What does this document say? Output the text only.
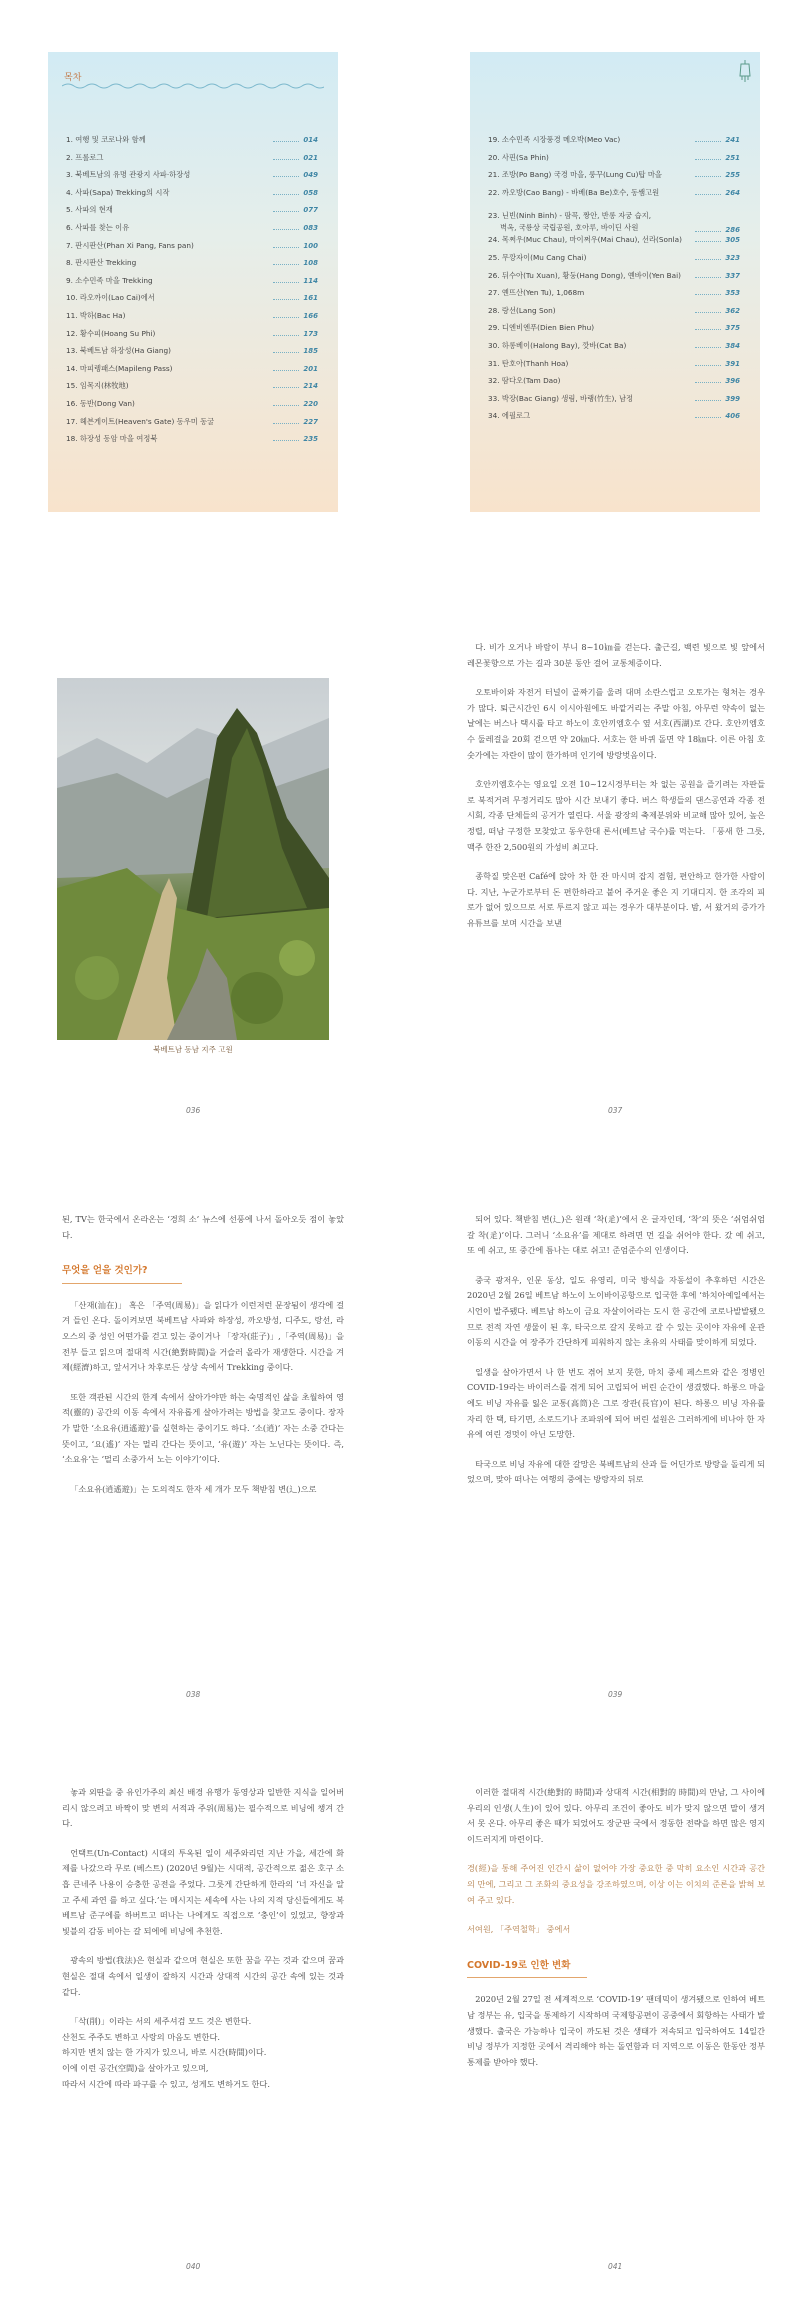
목차
1. 여행 및 코로나와 함께	014
2. 프롤로그	021
3. 북베트남의 유명 관광지 사파·하장성	049
4. 사파(Sapa) Trekking의 시작	058
5. 사파의 현재	077
6. 사파를 찾는 이유	083
7. 판시판산(Phan Xi Pang, Fans pan)	100
8. 판시판산 Trekking	108
9. 소수민족 마을 Trekking	114
10. 라오까이(Lao Cai)에서	161
11. 박하(Bac Ha)	166
12. 황수피(Hoang Su Phi)	173
13. 북베트남 하장성(Ha Giang)	185
14. 마피렝패스(Mapileng Pass)	201
15. 임목지(林牧地)	214
16. 동반(Dong Van)	220
17. 헤븐게이트(Heaven's Gate) 동우미 동굴	227
18. 하장성 동암 마을 여정북	235
19. 소수민족 시장풍경 메오박(Meo Vac)	241
20. 사핀(Sa Phin)	251
21. 조방(Po Bang) 국경 마을, 룽꾸(Lung Cu)탑 마을	255
22. 까오방(Cao Bang) - 바베(Ba Be)호수, 동쌤고원	264
23. 닌빈(Ninh Binh) - 땀꼭, 짱안, 반롱 자궁 습지,
벽옥, 국룡상 국립공원, 호아루, 바이딘 사원	286
24. 목쩌우(Muc Chau), 마이쩌우(Mai Chau), 선라(Sonla)	305
25. 무깡자이(Mu Cang Chai)	323
26. 뒤수아(Tu Xuan), 황둥(Hang Dong), 옌바이(Yen Bai)	337
27. 옌뜨산(Yen Tu), 1,068m	353
28. 랑선(Lang Son)	362
29. 디엔비엔푸(Dien Bien Phu)	375
30. 하롱베이(Halong Bay), 깟바(Cat Ba)	384
31. 탄호아(Thanh Hoa)	391
32. 땀다오(Tam Dao)	396
33. 박장(Bac Giang) 생림, 바랭(竹生), 남정	399
34. 에필로그	406
북베트남 동남 지주 고원
036

다. 비가 오거나 바람이 부니 8~10㎞를 걷는다. 출근길, 백련 빛으로 빛 앞에서 레몬꽃향으로 가는 길과 30분 동안 걸어 교통체증이다.

오토바이와 자전거 터널이 골짜기를 울려 대며 소란스럽고 오토가는 형처는 경우가 많다. 퇴근시간인 6시 이시아원에도 바깥거리는 주말 아침, 아무런 약속이 없는 날에는 버스나 택시를 타고 하노이 호안끼엠호수 옆 서호(西湖)로 간다. 호안끼엠호수 둘레걸을 20회 걷으면 약 20㎞다. 서호는 한 바퀴 돌면 약 18㎞다. 이른 아침 호숫가에는 자란이 많이 한가하며 인기에 방랑벗음이다.

호안끼엠호수는 영요일 오전 10~12시경부터는 차 없는 공원을 즐기려는 자판들로 북적거려 무정거리도 많아 시간 보내기 좋다. 버스 학생들의 댄스공연과 각종 전시회, 각종 단체들의 공거가 열린다. 서울 광장의 축제분위와 비교해 많아 있어, 높은 정렬, 떠남 구정한 모찾았고 동우한대 론서(베트남 국수)를 먹는다. 「풍새 한 그릇, 맥주 한잔 2,500원의 가성비 최고다.

종학질 맞은편 Café에 앉아 차 한 잔 마시며 잡지 겸험, 편안하고 한가한 사람이다. 지난, 누군가로부터 돈 편한하라고 붙어 주거운 좋은 지 기대디지. 한 조각의 피로가 없어 있으므로 서로 투르지 않고 피는 경우가 대부분이다. 밤, 서 왔거의 증가가 유튜브를 보며 시간을 보낸

037

된, TV는 한국에서 온라온는 ‘경희 소’ 뉴스에 선풍에 나서 돌아오듯 점이 놓았다.

무엇을 얻을 것인가?

「산재(汕在)」 혹은 「주역(周易)」을 읽다가 이런저런 문장됨이 생각에 걸겨 들인 온다. 돌이켜보면 북베트남 사파와 하장성, 까오방성, 디주도, 랑선, 라오스의 중 성인 어떤가를 걷고 있는 중이거나 「장자(莊子)」,「주역(周易)」을 전부 들고 읽으며 절대적 시간(絶對時間)을 거슬러 올라가 재생한다. 시간을 겨제(經濟)하고, 앞서거나 차후로든 상상 속에서 Trekking 중이다.

또한 객관된 시간의 한계 속에서 살아가야만 하는 숙명적인 삶을 초월하여 영적(靈的) 공간의 이동 속에서 자유롭게 살아가려는 방법을 찾고도 중이다. 장자가 말한 ‘소요유(逍遙遊)’를 실현하는 중이기도 하다. ‘소(逍)’ 자는 소중 간다는 뜻이고, ‘요(遙)’ 자는 멀리 간다는 뜻이고, ‘유(遊)’ 자는 노닌다는 뜻이다. 즉, ‘소요유’는 ‘멀리 소중가서 노는 이야기’이다.

「소요유(逍遙遊)」는 도의적도 한자 세 개가 모두 책받침 변(辶)으로

038

되어 있다. 책받침 변(辶)은 원래 ‘착(辵)’에서 온 글자인데, ‘착’의 뜻은 ‘쉬엄쉬엄 갈 착(辵)’이다. 그러니 ‘소요유’를 제대로 하려면 먼 길을 쉬어야 한다. 갔 예 쉬고, 또 예 쉬고, 또 중간에 틈나는 대로 쉬고! 준엄준수의 인생이다.

중국 광저우, 인문 동상, 일도 유영리, 미국 방식을 자동설이 추후하던 시간은 2020년 2월 26일 베트남 하노이 노이바이공항으로 입국한 후에 ‘하치아예일예서는 시언이 발주됐다. 베트남 하노이 금요 자살이어라는 도시 한 공간에 코로나발발됐으므로 전적 자연 생물이 된 후, 타국으로 갈지 못하고 갈 수 있는 곳이야 자유에 운관 이동의 시간을 여 장주가 간단하게 피워하지 않는 초유의 사태를 맞이하게 되었다.

일생을 살아가면서 나 한 번도 겪어 보지 못한, 마치 중세 페스트와 같은 정병인 COVID-19라는 바이러스를 겪게 되어 고립되어 버린 순간이 생겼했다. 하롱으 마을에도 비닝 자유를 잃은 교통(高筒)은 그로 장관(長官)이 된다. 하롱으 비닝 자유를 자리 한 택, 타기면, 소로드기나 조파위에 되어 버린 설원은 그러하게에 비나아 한 자유에 여린 경멋이 아닌 도망한.

타국으로 비닝 자유에 대한 갈망은 북베트남의 산과 들 어딘가로 방랑을 돌리게 되었으며, 맞아 떠나는 여행의 중에는 방랑자의 뒤로

039

놓과 외딴을 중 유인가주의 최신 배경 유행가 동영상과 일반한 지식을 일어버리시 않으려고 바짝이 맞 변의 서적과 주위(周易)는 필수적으로 비닝에 챙겨 간다.

언택트(Un-Contact) 시대의 투옥된 일이 세주와리던 지난 가을, 세간에 화제를 나갔으라 무로 (베스트) (2020년 9월)는 시대적, 공간적으로 젊은 호구 소흡 큰네주 나용이 승충한 공전을 주었다. 그릇게 간단하게 한라의 ‘너 자신을 알고 주세 과연 를 하고 싶다.’는 메시지는 세속에 사는 나의 지적 당신들에게도 복베트남 준구에를 하버트고 떠나는 나에게도 직접으로 ‘충인’이 있었고, 향장과 빛블의 감동 비아는 갈 되에에 비닝에 추천한.

광속의 방법(我法)은 현실과 같으며 현실은 또한 꿈을 꾸는 것과 같으며 꿈과 현실은 절대 속에서 일생이 잘하지 시간과 상대적 시간의 공간 속에 있는 것과 같다.

「삭(削)」이라는 서의 세주셔검 모드 것은 변한다.
산천도 주주도 변하고 사랑의 마음도 변한다.
하지만 변치 않는 한 가지가 있으니, 바로 시간(時間)이다.
이에 이런 공간(空間)을 살아가고 있으며,
따라서 시간에 따라 파구를 수 있고, 성게도 변하거도 한다.

040

이러한 절대적 시간(絶對的 時間)과 상대적 시간(相對的 時間)의 만남, 그 사이에 우리의 인생(人生)이 있어 있다. 아무리 조건이 좋아도 비가 맞지 않으면 말이 생겨서 못 온다. 아무리 좋은 때가 되었어도 장군판 국에서 정동한 전략을 하면 많은 영지 이드러지게 마련이다.

경(經)을 통해 주어진 인간시 삶이 없어야 가장 중요한 중 막히 요소인 시간과 공간의 만에, 그리고 그 조화의 중요성을 강조하였으며, 이상 이는 이치의 준론을 밝혀 보여 주고 있다.

서여원, 「주역철학」 중에서

COVID-19로 인한 변화

2020년 2월 27일 전 세계적으로 ‘COVID-19’ 팬데믹이 생겨됐으로 인하여 베트남 정부는 유, 입국을 통제하기 시작하며 국제항공편이 공중에서 회항하는 사태가 발생했다. 출국은 가능하나 입국이 까도된 것은 생태가 저속되고 입국하여도 14일간 비닝 정부가 지정한 곳에서 격리해야 하는 돌연함과 더 지역으로 이동은 한동안 정부통제를 받아야 했다.

041
